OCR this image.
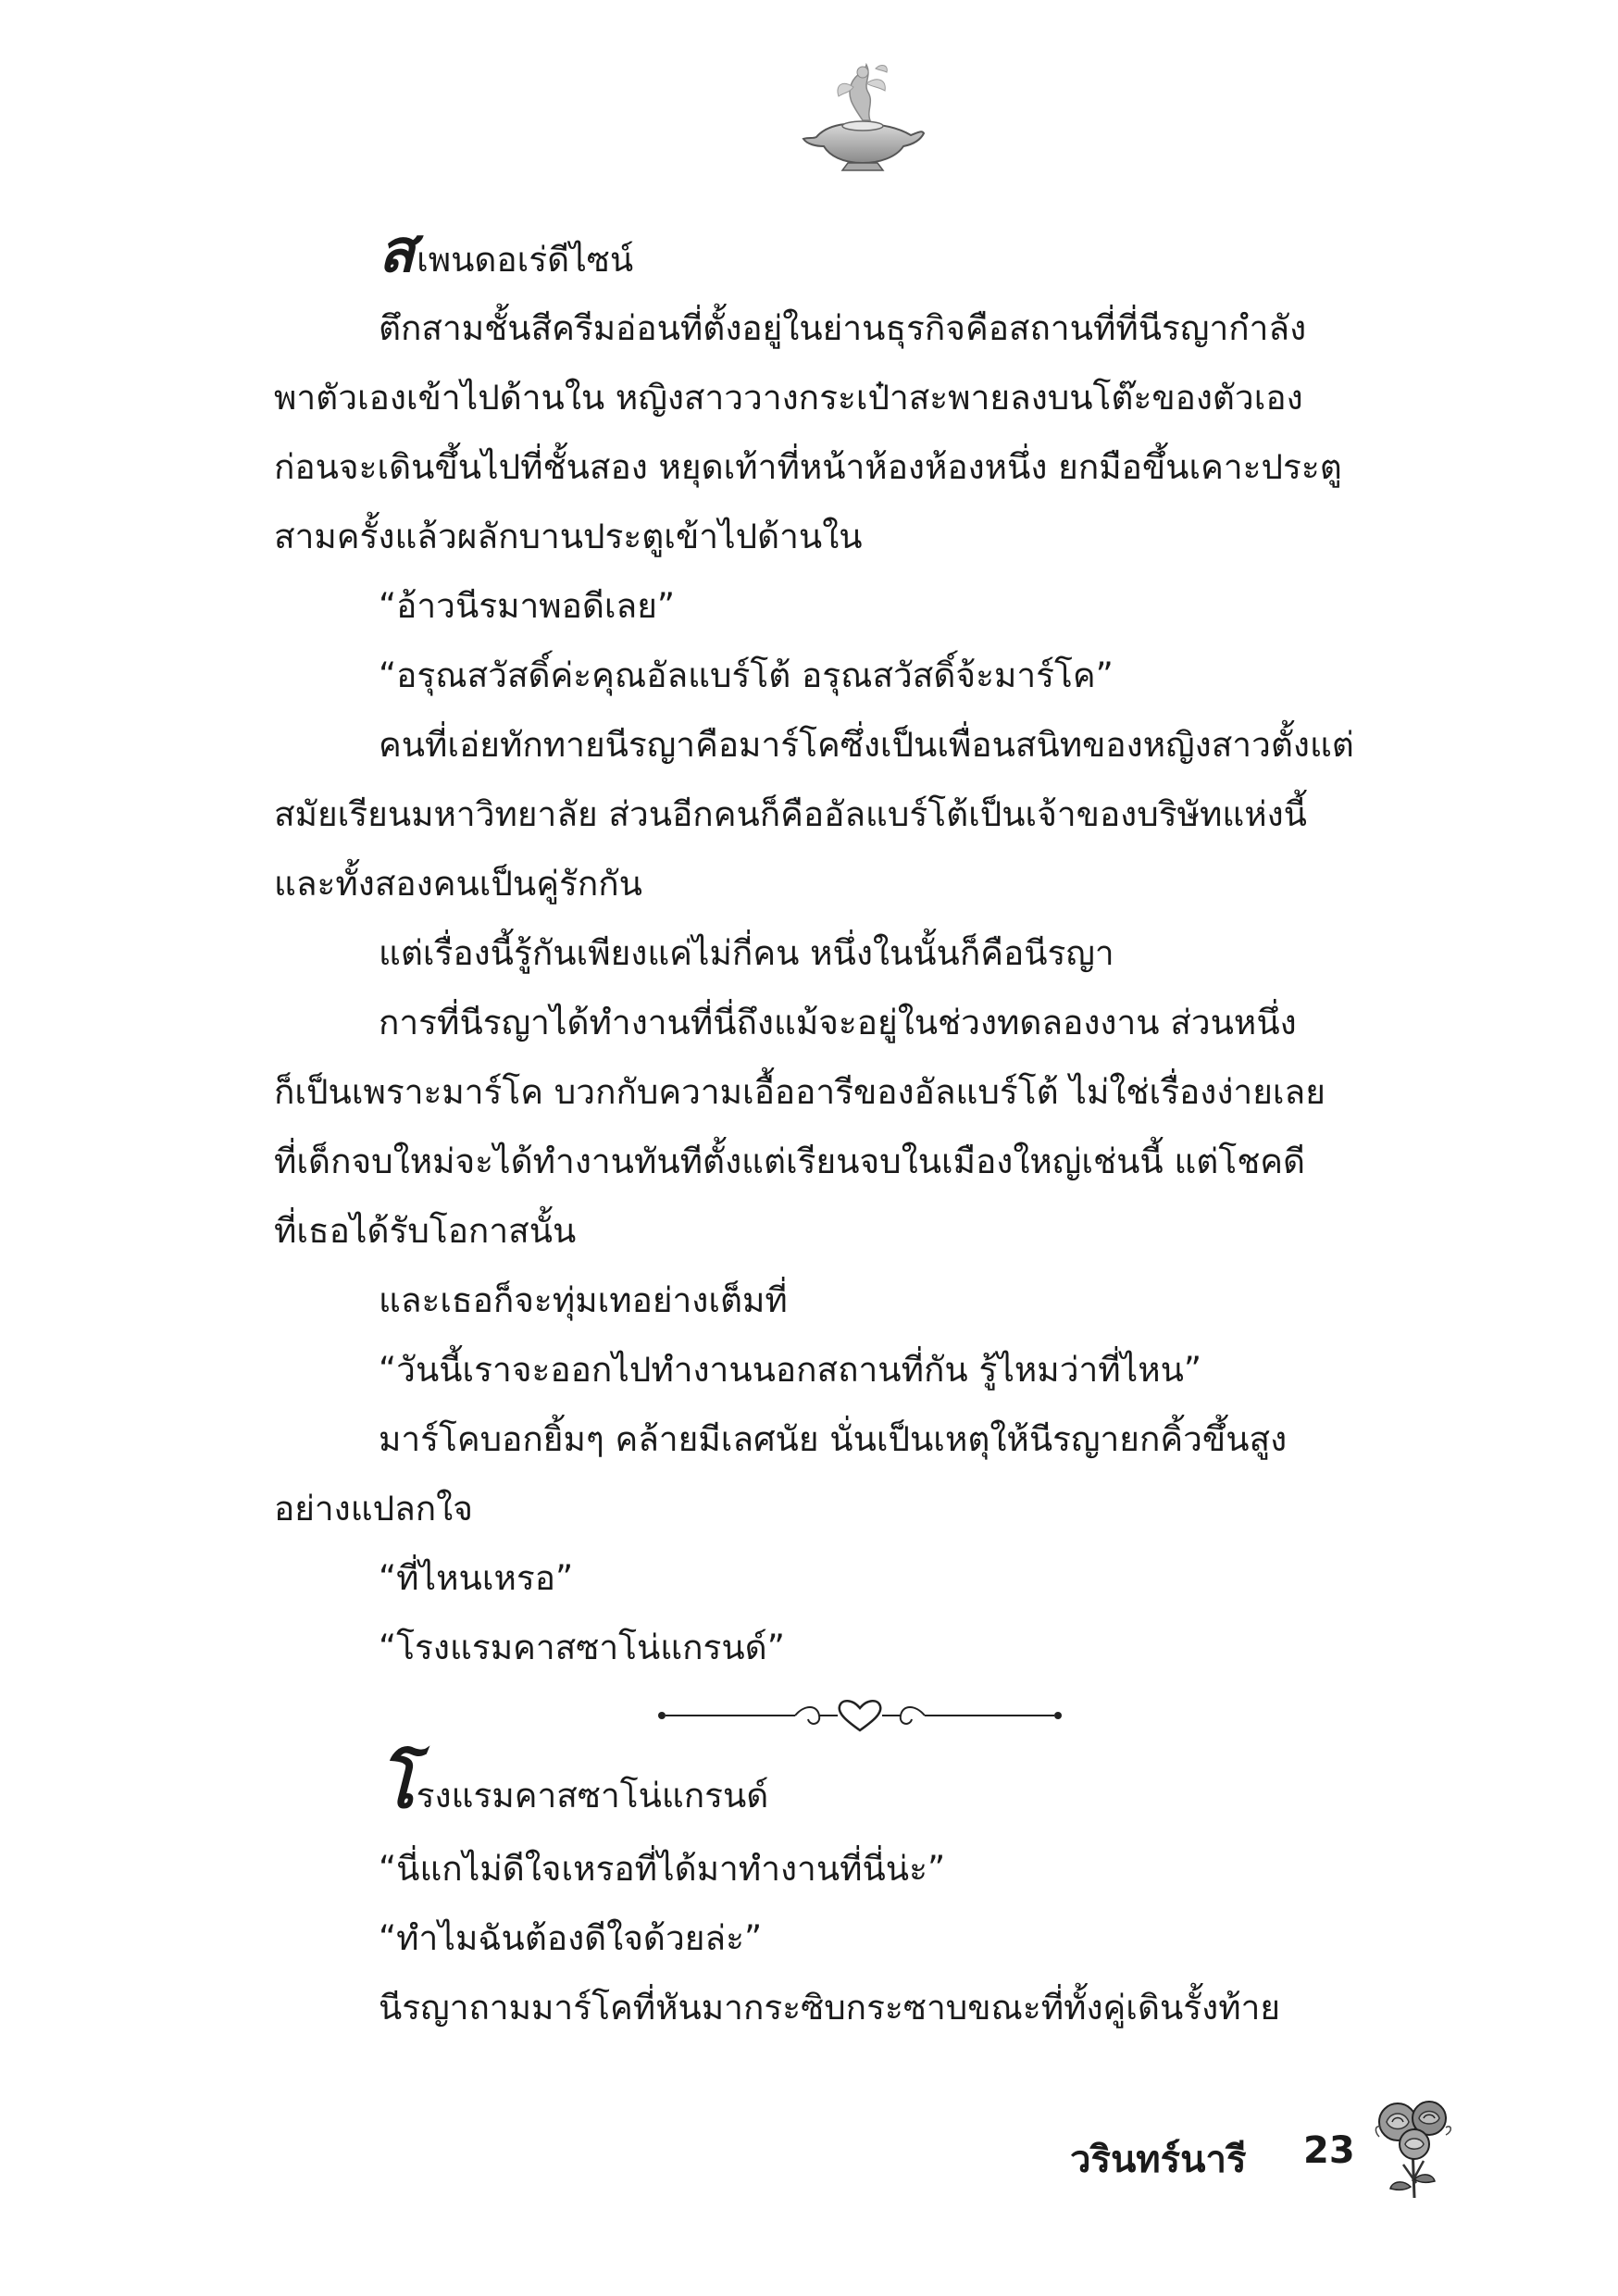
สเพนดอเร่ดีไซน์
ตึกสามชั้นสีครีมอ่อนที่ตั้งอยู่ในย่านธุรกิจคือสถานที่ที่นีรญากำลัง
พาตัวเองเข้าไปด้านใน หญิงสาววางกระเป๋าสะพายลงบนโต๊ะของตัวเอง
ก่อนจะเดินขึ้นไปที่ชั้นสอง หยุดเท้าที่หน้าห้องห้องหนึ่ง ยกมือขึ้นเคาะประตู
สามครั้งแล้วผลักบานประตูเข้าไปด้านใน
“อ้าวนีรมาพอดีเลย”
“อรุณสวัสดิ์ค่ะคุณอัลแบร์โต้ อรุณสวัสดิ์จ้ะมาร์โค”
คนที่เอ่ยทักทายนีรญาคือมาร์โคซึ่งเป็นเพื่อนสนิทของหญิงสาวตั้งแต่
สมัยเรียนมหาวิทยาลัย ส่วนอีกคนก็คืออัลแบร์โต้เป็นเจ้าของบริษัทแห่งนี้
และทั้งสองคนเป็นคู่รักกัน
แต่เรื่องนี้รู้กันเพียงแค่ไม่กี่คน หนึ่งในนั้นก็คือนีรญา
การที่นีรญาได้ทำงานที่นี่ถึงแม้จะอยู่ในช่วงทดลองงาน ส่วนหนึ่ง
ก็เป็นเพราะมาร์โค บวกกับความเอื้ออารีของอัลแบร์โต้ ไม่ใช่เรื่องง่ายเลย
ที่เด็กจบใหม่จะได้ทำงานทันทีตั้งแต่เรียนจบในเมืองใหญ่เช่นนี้ แต่โชคดี
ที่เธอได้รับโอกาสนั้น
และเธอก็จะทุ่มเทอย่างเต็มที่
“วันนี้เราจะออกไปทำงานนอกสถานที่กัน รู้ไหมว่าที่ไหน”
มาร์โคบอกยิ้มๆ คล้ายมีเลศนัย นั่นเป็นเหตุให้นีรญายกคิ้วขึ้นสูง
อย่างแปลกใจ
“ที่ไหนเหรอ”
“โรงแรมคาสซาโน่แกรนด์”
โรงแรมคาสซาโน่แกรนด์
“นี่แกไม่ดีใจเหรอที่ได้มาทำงานที่นี่น่ะ”
“ทำไมฉันต้องดีใจด้วยล่ะ”
นีรญาถามมาร์โคที่หันมากระซิบกระซาบขณะที่ทั้งคู่เดินรั้งท้าย
วรินทร์นารี 23
